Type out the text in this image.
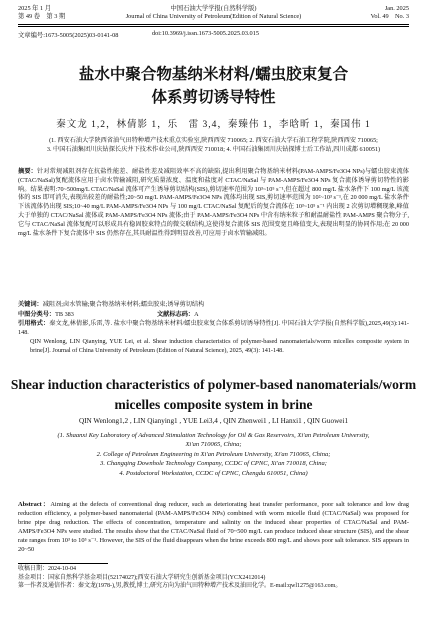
2025 年 1 月
第 49 卷　第 3 期
中国石油大学学报(自然科学版)
Journal of China University of Petroleum(Edition of Natural Science)
Jan. 2025
Vol. 49　No. 3
文章编号:1673-5005(2025)03-0141-08	doi:10.3969/j.issn.1673-5005.2025.03.015
盐水中聚合物基纳米材料/蠕虫胶束复合
体系剪切诱导特性
秦文龙 1,2，林倩影 1，乐　雷 3,4，秦臻伟 1，李晗昕 1，秦国伟 1
(1. 西安石油大学陕西省油气田特种增产技术重点实验室,陕西西安 710065; 2. 西安石油大学石油工程学院,陕西西安 710065;
3. 中国石油集团川庆钻探长庆井下技术作业公司,陕西西安 710018; 4. 中国石油集团川庆钻探博士后工作站,四川成都 610051)
摘要：针对常规减阻剂存在抗盐性能差、耐盐性差及减阻效率不高的缺陷,提出利用聚合物基纳米材料(PAM-AMPS/Fe3O4 NPs)与蠕虫胶束流体(CTAC/NaSal)复配流体应用于卤水管输减阻,研究质量浓度、温度和盐度对 CTAC/NaSal 与 PAM-AMPS/Fe3O4 NPs 复合流体诱导剪切特性的影响。结果表明:70~500mg/L CTAC/NaSal 流体可产生诱导剪切结构(SIS),剪切速率范围为 10³~10⁵ s⁻¹,但在超过 800 mg/L 盐水条件下 100 mg/L 该流体的 SIS 即可消失,表现出较差的耐盐性;20~50 mg/L PAM-AMPS/Fe3O4 NPs 流体均出现 SIS,剪切速率范围为 10²~10³ s⁻¹,在 20 000 mg/L 盐水条件下该流体仍出现 SIS;10~40 mg/L PAM-AMPS/Fe3O4 NPs 与 100 mg/L CTAC/NaSal 复配后的复合流体在 10³~10⁵ s⁻¹ 内出现 2 次剪切增稠现象,峰值大于单独的 CTAC/NaSal 流体或 PAM-AMPS/Fe3O4 NPs 流体;由于 PAM-AMPS/Fe3O4 NPs 中含有纳米粒子和耐温耐盐性 PAM-AMPS 聚合物分子,它与 CTAC/NaSal 流体复配可以形成具有稳固胶束特点的微交联结构,这使得复合流体 SIS 范围变宽且峰值变大,表现出明显的协同作用;在 20 000 mg/L 盐水条件下复合流体中 SIS 仍然存在,其具耐温性得到明显改善,可应用于卤水管输减阻。
关键词：减阻剂;卤水管输;聚合物基纳米材料;蠕虫胶束;诱导剪切结构
中图分类号：TB 383	文献标志码：A
引用格式：秦文龙,林倩影,乐雷,等. 盐水中聚合物基纳米材料/蠕虫胶束复合体系剪切诱导特性[J]. 中国石油大学学报(自然科学版),2025,49(3):141-148.
QIN Wenlong, LIN Qianying, YUE Lei, et al. Shear induction characteristics of polymer-based nanomaterials/worm micelles composite system in brine[J]. Journal of China University of Petroleum (Edition of Natural Science), 2025, 49(3): 141-148.
Shear induction characteristics of polymer-based nanomaterials/worm
micelles composite system in brine
QIN Wenlong1,2 , LIN Qianying1 , YUE Lei3,4 , QIN Zhenwei1 , LI Hanxi1 , QIN Guowei1
(1. Shaanxi Key Laboratory of Advanced Stimulation Technology for Oil & Gas Reservoirs, Xi'an Petroleum University,
Xi'an 710065, China;
2. College of Petroleum Engineering in Xi'an Petroleum University, Xi'an 710065, China;
3. Changqing Downhole Technology Company, CCDC of CPNC, Xi'an 710018, China;
4. Postdoctoral Workstation, CCDC of CPNC, Chengdu 610051, China)
Abstract：Aiming at the defects of conventional drag reducer, such as deteriorating heat transfer performance, poor salt tolerance and low drag reduction efficiency, a polymer-based nanomaterial (PAM-AMPS/Fe3O4 NPs) combined with worm micelle fluid (CTAC/NaSal) was proposed for brine pipe drag reduction. The effects of concentration, temperature and salinity on the induced shear properties of CTAC/NaSal and PAM-AMPS/Fe3O4 NPs were studied. The results show that the CTAC/NaSal fluid of 70~500 mg/L can produce induced shear structure (SIS), and the shear rate ranges from 10³ to 10⁵ s⁻¹. However, the SIS of the fluid disappears when the brine exceeds 800 mg/L and shows poor salt tolerance. SIS appears in 20~50
收稿日期：2024-10-04
基金项目：国家自然科学基金项目(52174027);西安石油大学研究生创新基金项目(YCX2412014)
第一作者及通信作者：秦文龙(1978-),男,教授,博士,研究方向为油气田特种增产技术及油田化学。E-mail:qwl1275@163.com。
